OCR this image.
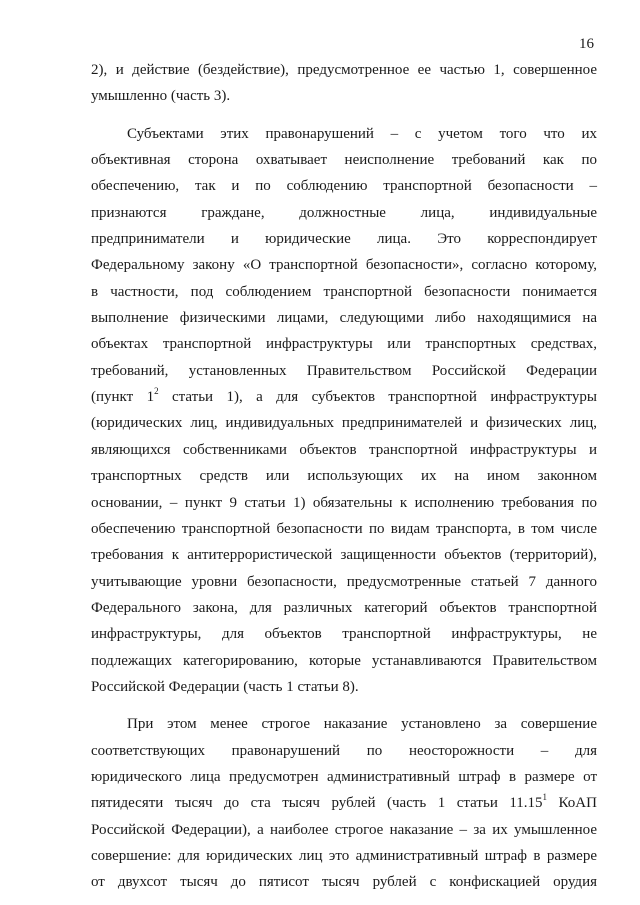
16
2), и действие (бездействие), предусмотренное ее частью 1, совершенное
умышленно (часть 3).
Субъектами этих правонарушений – с учетом того что их
объективная сторона охватывает неисполнение требований как по
обеспечению, так и по соблюдению транспортной безопасности –
признаются граждане, должностные лица, индивидуальные
предприниматели и юридические лица. Это корреспондирует
Федеральному закону «О транспортной безопасности», согласно которому,
в частности, под соблюдением транспортной безопасности понимается
выполнение физическими лицами, следующими либо находящимися на
объектах транспортной инфраструктуры или транспортных средствах,
требований, установленных Правительством Российской Федерации
(пункт $1^2$ статьи 1), а для субъектов транспортной инфраструктуры
(юридических лиц, индивидуальных предпринимателей и физических лиц,
являющихся собственниками объектов транспортной инфраструктуры и
транспортных средств или использующих их на ином законном
основании, – пункт 9 статьи 1) обязательны к исполнению требования по
обеспечению транспортной безопасности по видам транспорта, в том числе
требования к антитеррористической защищенности объектов (территорий),
учитывающие уровни безопасности, предусмотренные статьей 7 данного
Федерального закона, для различных категорий объектов транспортной
инфраструктуры, для объектов транспортной инфраструктуры, не
подлежащих категорированию, которые устанавливаются Правительством
Российской Федерации (часть 1 статьи 8).
При этом менее строгое наказание установлено за совершение
соответствующих правонарушений по неосторожности – для
юридического лица предусмотрен административный штраф в размере от
пятидесяти тысяч до ста тысяч рублей (часть 1 статьи 11.15$^1$ КоАП
Российской Федерации), а наиболее строгое наказание – за их умышленное
совершение: для юридических лиц это административный штраф в размере
от двухсот тысяч до пятисот тысяч рублей с конфискацией орудия
